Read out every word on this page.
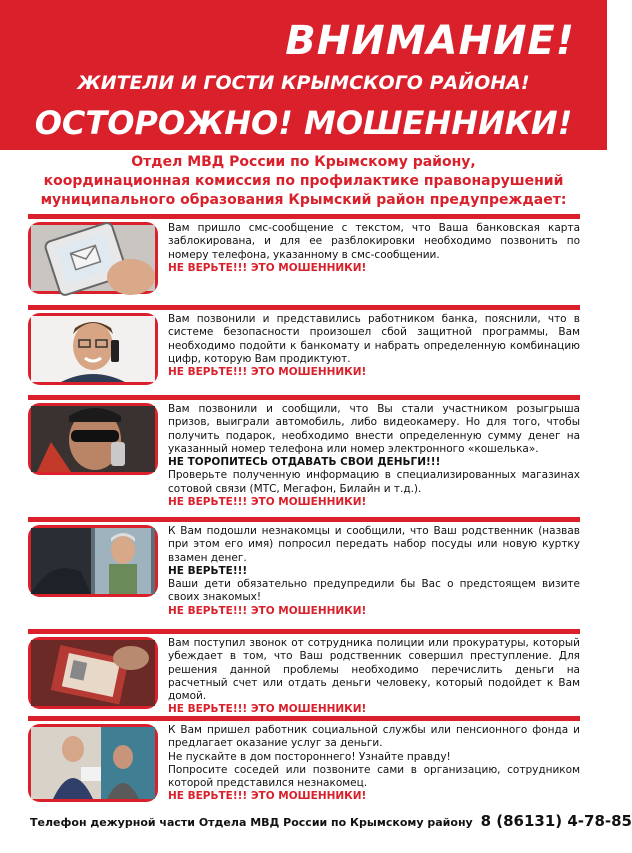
ВНИМАНИЕ!
ЖИТЕЛИ И ГОСТИ КРЫМСКОГО РАЙОНА!
ОСТОРОЖНО! МОШЕННИКИ!
Отдел МВД России по Крымскому району,
координационная комиссия по профилактике правонарушений
муниципального образования Крымский район предупреждает:

Вам пришло смс-сообщение с текстом, что Ваша банковская карта заблокирована, и для ее разблокировки необходимо позвонить по номеру телефона, указанному в смс-сообщении.

НЕ ВЕРЬТЕ!!! ЭТО МОШЕННИКИ!

Вам позвонили и представились работником банка, пояснили, что в системе безопасности произошел сбой защитной программы, Вам необходимо подойти к банкомату и набрать определенную комбинацию цифр, которую Вам продиктуют.

НЕ ВЕРЬТЕ!!! ЭТО МОШЕННИКИ!

Вам позвонили и сообщили, что Вы стали участником розыгрыша призов, выиграли автомобиль, либо видеокамеру. Но для того, чтобы получить подарок, необходимо внести определенную сумму денег на указанный номер телефона или номер электронного «кошелька».

НЕ ТОРОПИТЕСЬ ОТДАВАТЬ СВОИ ДЕНЬГИ!!!

Проверьте полученную информацию в специализированных магазинах сотовой связи (МТС, Мегафон, Билайн и т.д.).

НЕ ВЕРЬТЕ!!! ЭТО МОШЕННИКИ!

К Вам подошли незнакомцы и сообщили, что Ваш родственник (назвав при этом его имя) попросил передать набор посуды или новую куртку взамен денег.

НЕ ВЕРЬТЕ!!!

Ваши дети обязательно предупредили бы Вас о предстоящем визите своих знакомых!

НЕ ВЕРЬТЕ!!! ЭТО МОШЕННИКИ!

Вам поступил звонок от сотрудника полиции или прокуратуры, который убеждает в том, что Ваш родственник совершил преступление. Для решения данной проблемы необходимо перечислить деньги на расчетный счет или отдать деньги человеку, который подойдет к Вам домой.

НЕ ВЕРЬТЕ!!! ЭТО МОШЕННИКИ!

К Вам пришел работник социальной службы или пенсионного фонда и предлагает оказание услуг за деньги.

Не пускайте в дом постороннего! Узнайте правду!

Попросите соседей или позвоните сами в организацию, сотрудником которой представился незнакомец.

НЕ ВЕРЬТЕ!!! ЭТО МОШЕННИКИ!

Телефон дежурной части Отдела МВД России по Крымскому району 8 (86131) 4-78-85
